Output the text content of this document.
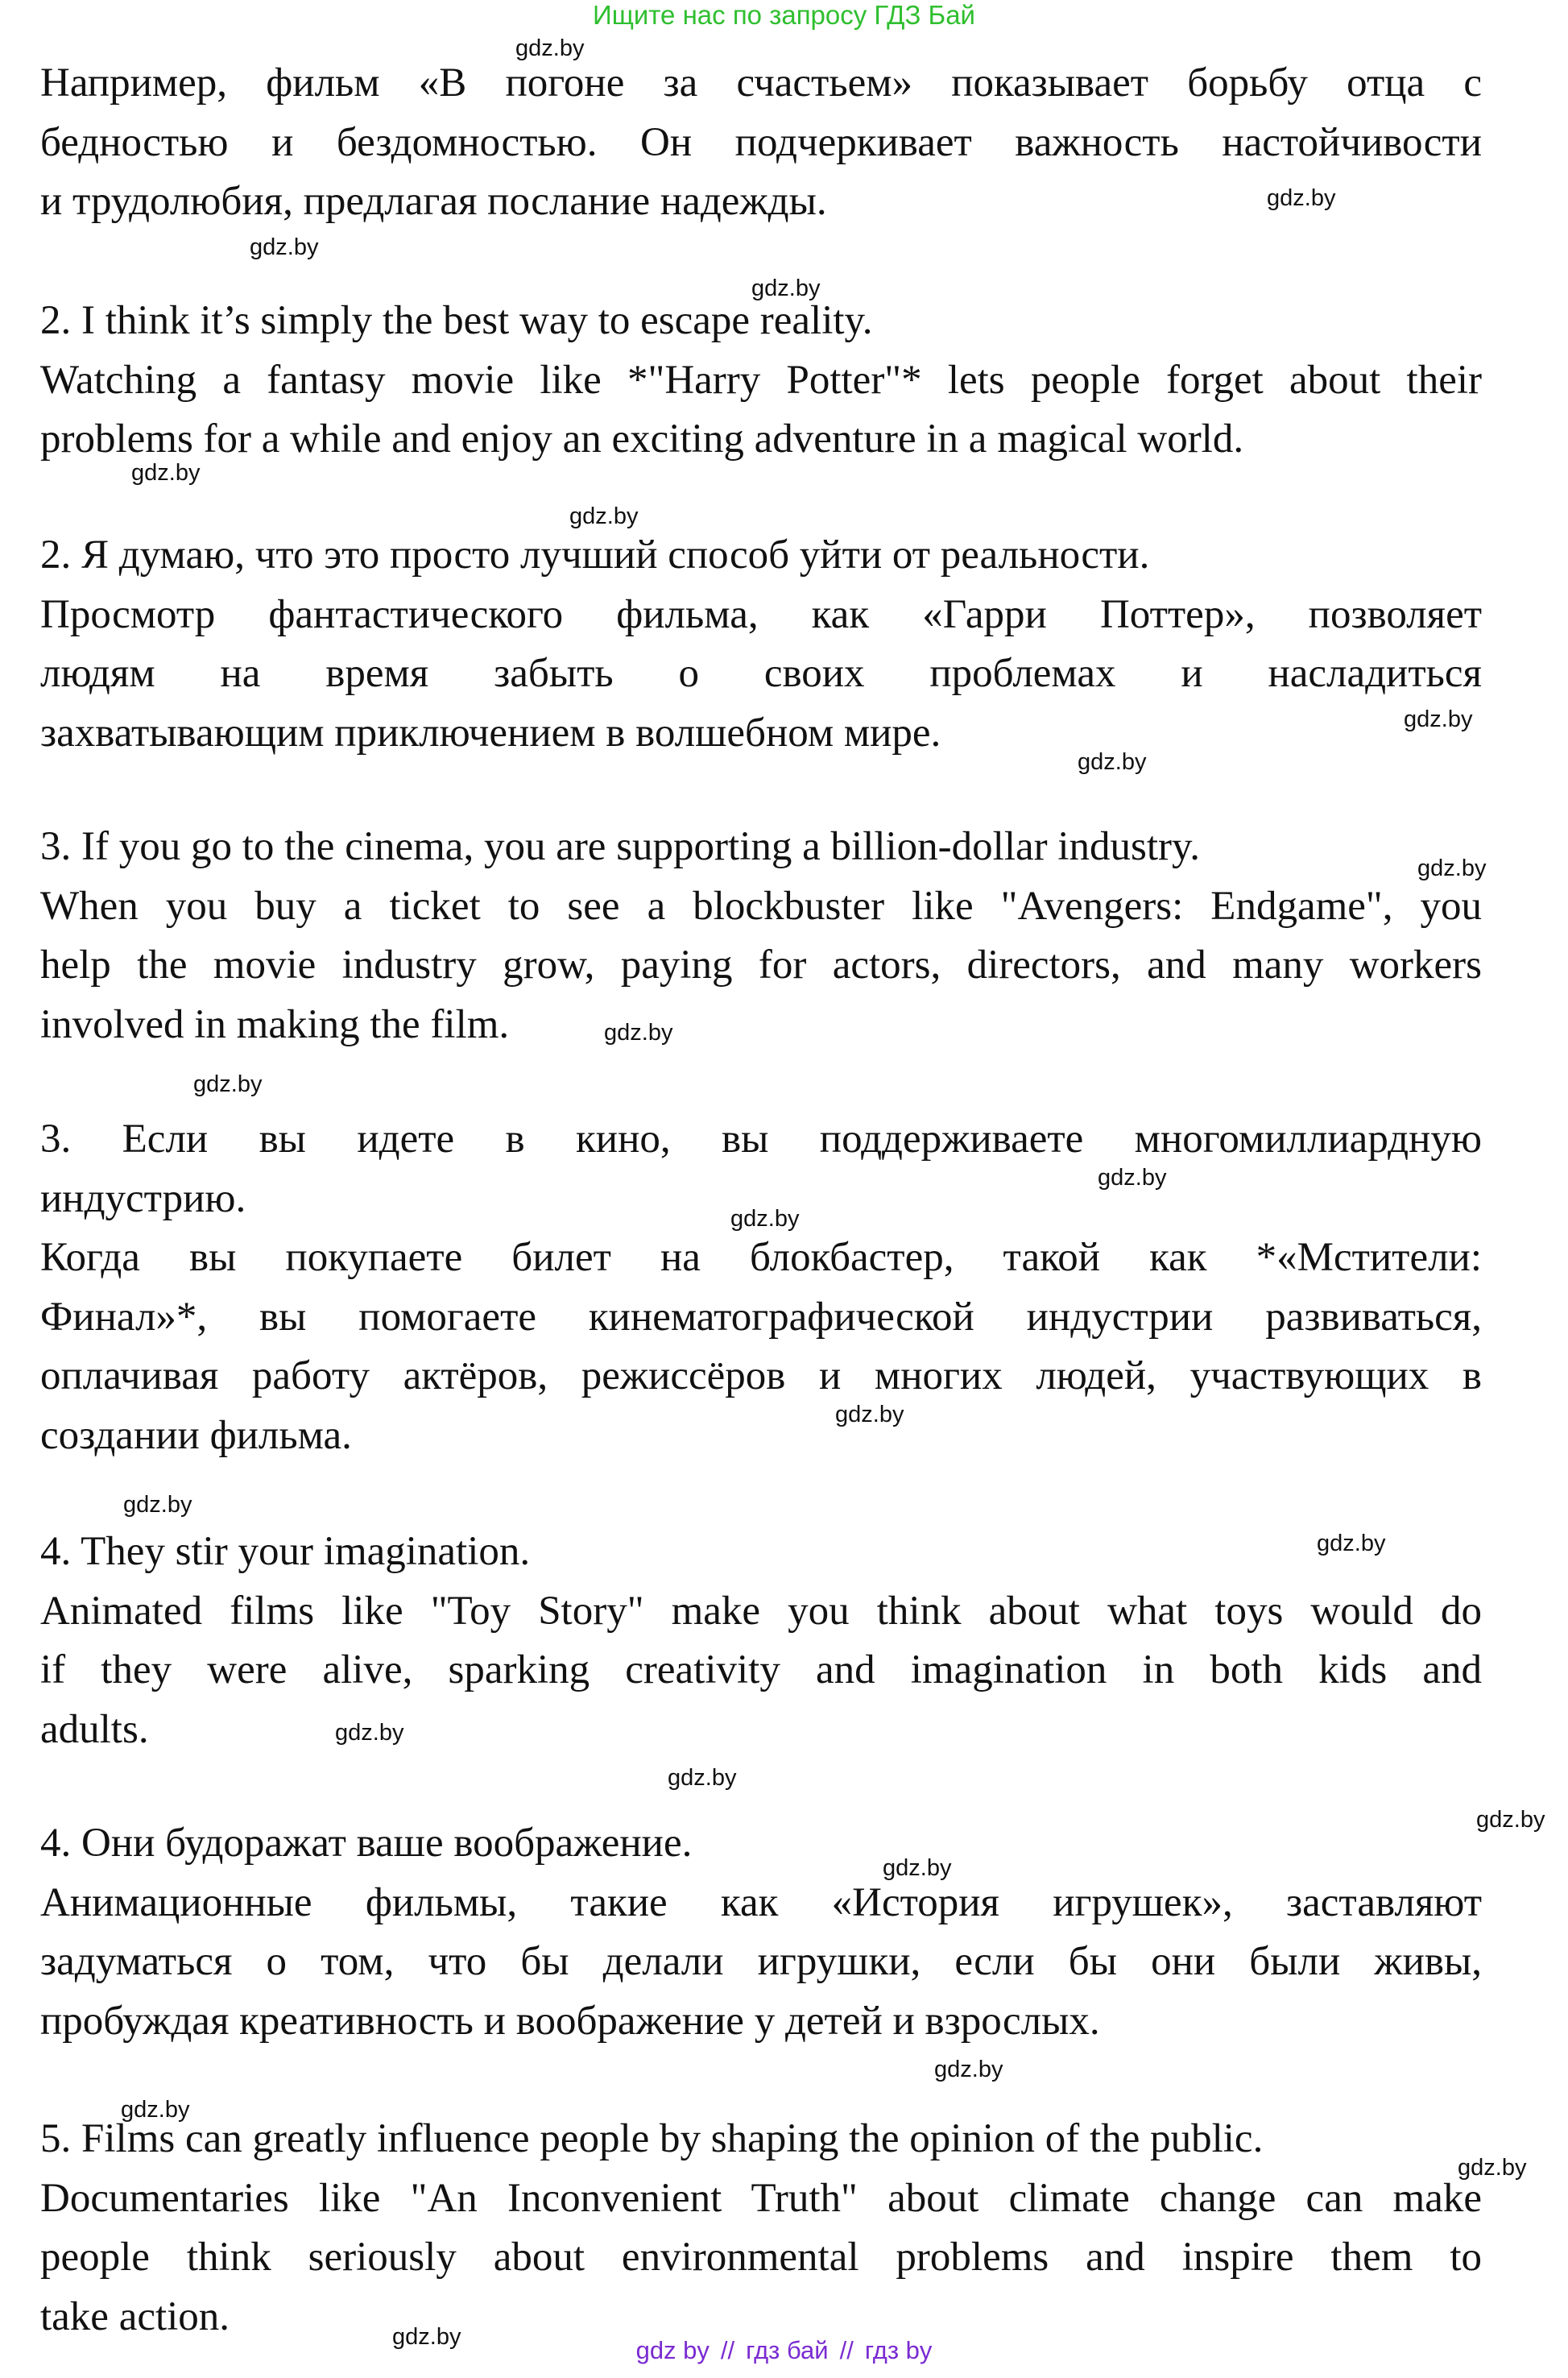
Ищите нас по запросу ГДЗ Бай
Например, фильм «В погоне за счастьем» показывает борьбу отца с
бедностью и бездомностью. Он подчеркивает важность настойчивости
и трудолюбия, предлагая послание надежды.
2. I think it’s simply the best way to escape reality.
Watching a fantasy movie like *"Harry Potter"* lets people forget about their
problems for a while and enjoy an exciting adventure in a magical world.
2. Я думаю, что это просто лучший способ уйти от реальности.
Просмотр фантастического фильма, как «Гарри Поттер», позволяет
людям на время забыть о своих проблемах и насладиться
захватывающим приключением в волшебном мире.
3. If you go to the cinema, you are supporting a billion-dollar industry.
When you buy a ticket to see a blockbuster like "Avengers: Endgame", you
help the movie industry grow, paying for actors, directors, and many workers
involved in making the film.
3. Если вы идете в кино, вы поддерживаете многомиллиардную
индустрию.
Когда вы покупаете билет на блокбастер, такой как *«Мстители:
Финал»*, вы помогаете кинематографической индустрии развиваться,
оплачивая работу актёров, режиссёров и многих людей, участвующих в
создании фильма.
4. They stir your imagination.
Animated films like "Toy Story" make you think about what toys would do
if they were alive, sparking creativity and imagination in both kids and
adults.
4. Они будоражат ваше воображение.
Анимационные фильмы, такие как «История игрушек», заставляют
задуматься о том, что бы делали игрушки, если бы они были живы,
пробуждая креативность и воображение у детей и взрослых.
5. Films can greatly influence people by shaping the opinion of the public.
Documentaries like "An Inconvenient Truth" about climate change can make
people think seriously about environmental problems and inspire them to
take action.
gdz.by
gdz.by
gdz.by
gdz.by
gdz.by
gdz.by
gdz.by
gdz.by
gdz.by
gdz.by
gdz.by
gdz.by
gdz.by
gdz.by
gdz.by
gdz.by
gdz.by
gdz.by
gdz.by
gdz.by
gdz.by
gdz.by
gdz.by
gdz.by	gdz by // гдз бай // гдз by
